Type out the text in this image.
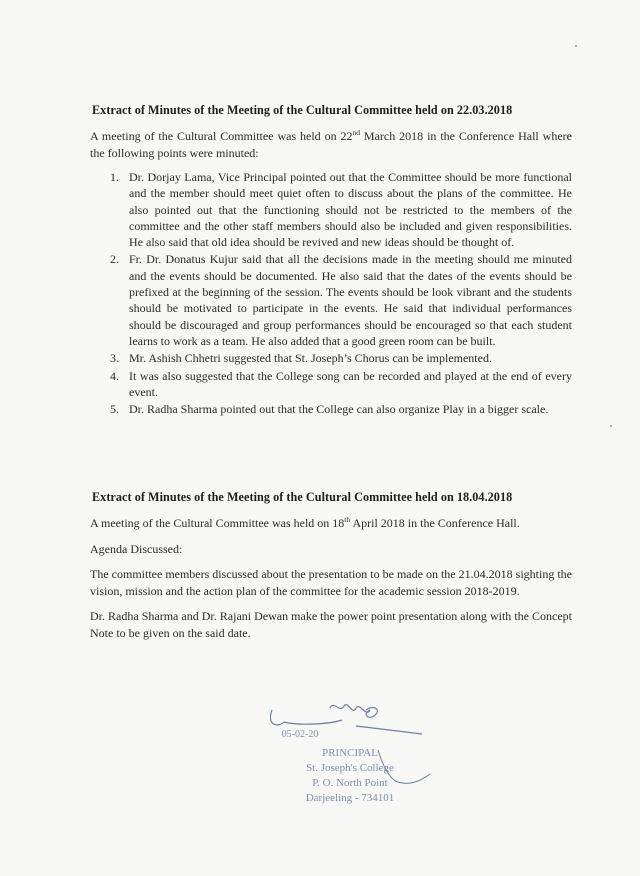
Extract of Minutes of the Meeting of the Cultural Committee held on 22.03.2018

A meeting of the Cultural Committee was held on 22nd March 2018 in the Conference Hall where the following points were minuted:

1. Dr. Dorjay Lama, Vice Principal pointed out that the Committee should be more functional and the member should meet quiet often to discuss about the plans of the committee. He also pointed out that the functioning should not be restricted to the members of the committee and the other staff members should also be included and given responsibilities. He also said that old idea should be revived and new ideas should be thought of.
2. Fr. Dr. Donatus Kujur said that all the decisions made in the meeting should me minuted and the events should be documented. He also said that the dates of the events should be prefixed at the beginning of the session. The events should be look vibrant and the students should be motivated to participate in the events. He said that individual performances should be discouraged and group performances should be encouraged so that each student learns to work as a team. He also added that a good green room can be built.
3. Mr. Ashish Chhetri suggested that St. Joseph’s Chorus can be implemented.
4. It was also suggested that the College song can be recorded and played at the end of every event.
5. Dr. Radha Sharma pointed out that the College can also organize Play in a bigger scale.
Extract of Minutes of the Meeting of the Cultural Committee held on 18.04.2018

A meeting of the Cultural Committee was held on 18th April 2018 in the Conference Hall.

Agenda Discussed:

The committee members discussed about the presentation to be made on the 21.04.2018 sighting the vision, mission and the action plan of the committee for the academic session 2018-2019.

Dr. Radha Sharma and Dr. Rajani Dewan make the power point presentation along with the Concept Note to be given on the said date.

05-02-20
PRINCIPAL
St. Joseph's College
P. O. North Point
Darjeeling - 734101
